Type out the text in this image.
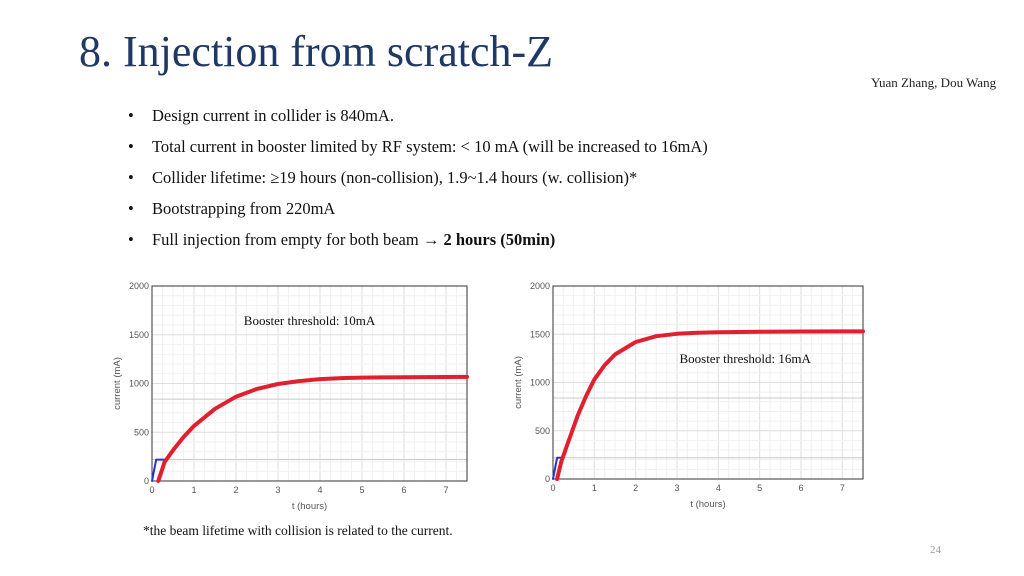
8. Injection from scratch-Z
Yuan Zhang, Dou Wang
• Design current in collider is 840mA.
• Total current in booster limited by RF system: < 10 mA (will be increased to 16mA)
• Collider lifetime: ≥19 hours (non-collision), 1.9~1.4 hours (w. collision)*
• Bootstrapping from 220mA
• Full injection from empty for both beam → 2 hours (50min)
0	1	2	3	4	5	6	7
0
500
1000
1500
2000
t (hours)
current (mA)
Booster threshold: 10mA
0	1	2	3	4	5	6	7
0
500
1000
1500
2000
t (hours)
current (mA)	Booster threshold: 16mA
*the beam lifetime with collision is related to the current.
24
